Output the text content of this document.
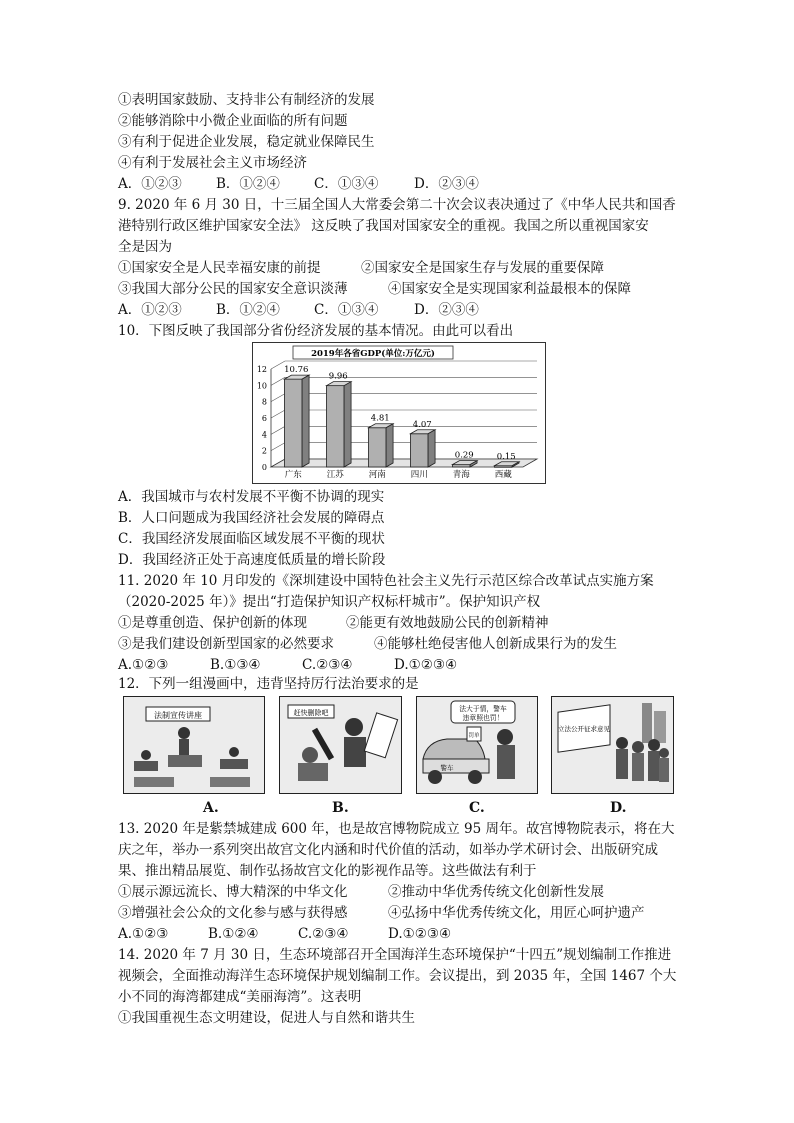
①表明国家鼓励、支持非公有制经济的发展
②能够消除中小微企业面临的所有问题
③有利于促进企业发展，稳定就业保障民生
④有利于发展社会主义市场经济
A．①②③	B．①②④	C．①③④	D．②③④
9. 2020 年 6 月 30 日，十三届全国人大常委会第二十次会议表决通过了《中华人民共和国香
港特别行政区维护国家安全法》 这反映了我国对国家安全的重视。我国之所以重视国家安
全是因为
①国家安全是人民幸福安康的前提	②国家安全是国家生存与发展的重要保障
③我国大部分公民的国家安全意识淡薄	④国家安全是实现国家利益最根本的保障
A．①②③	B．①②④	C．①③④	D．②③④
10．下图反映了我国部分省份经济发展的基本情况。由此可以看出
2019年各省GDP(单位:万亿元)
0
2
4
6
8
10
12
广东	江苏	河南	四川	青海	西藏
10.76
9.96
4.81
4.07
0.29	0.15
A．我国城市与农村发展不平衡不协调的现实
B．人口问题成为我国经济社会发展的障碍点
C．我国经济发展面临区域发展不平衡的现状
D．我国经济正处于高速度低质量的增长阶段
11. 2020 年 10 月印发的《深圳建设中国特色社会主义先行示范区综合改革试点实施方案
（2020-2025 年）》提出“打造保护知识产权标杆城市”。保护知识产权
①是尊重创造、保护创新的体现	②能更有效地鼓励公民的创新精神
③是我们建设创新型国家的必然要求	④能够杜绝侵害他人创新成果行为的发生
A.①②③	B.①③④	C.②③④	D.①②③④
12．下列一组漫画中，违背坚持厉行法治要求的是
法制宣传讲座	赶快删除吧	法大于情，警车
违章照也罚！
警车
罚单
立法公开征求意见
A.	B.	C.	D.
13. 2020 年是紫禁城建成 600 年，也是故宫博物院成立 95 周年。故宫博物院表示，将在大
庆之年，举办一系列突出故宫文化内涵和时代价值的活动，如举办学术研讨会、出版研究成
果、推出精品展览、制作弘扬故宫文化的影视作品等。这些做法有利于
①展示源远流长、博大精深的中华文化	②推动中华优秀传统文化创新性发展
③增强社会公众的文化参与感与获得感	④弘扬中华优秀传统文化，用匠心呵护遗产
A.①②③	B.①②④	C.②③④	D.①②③④
14. 2020 年 7 月 30 日，生态环境部召开全国海洋生态环境保护“十四五”规划编制工作推进
视频会，全面推动海洋生态环境保护规划编制工作。会议提出，到 2035 年，全国 1467 个大
小不同的海湾都建成“美丽海湾”。这表明
①我国重视生态文明建设，促进人与自然和谐共生
